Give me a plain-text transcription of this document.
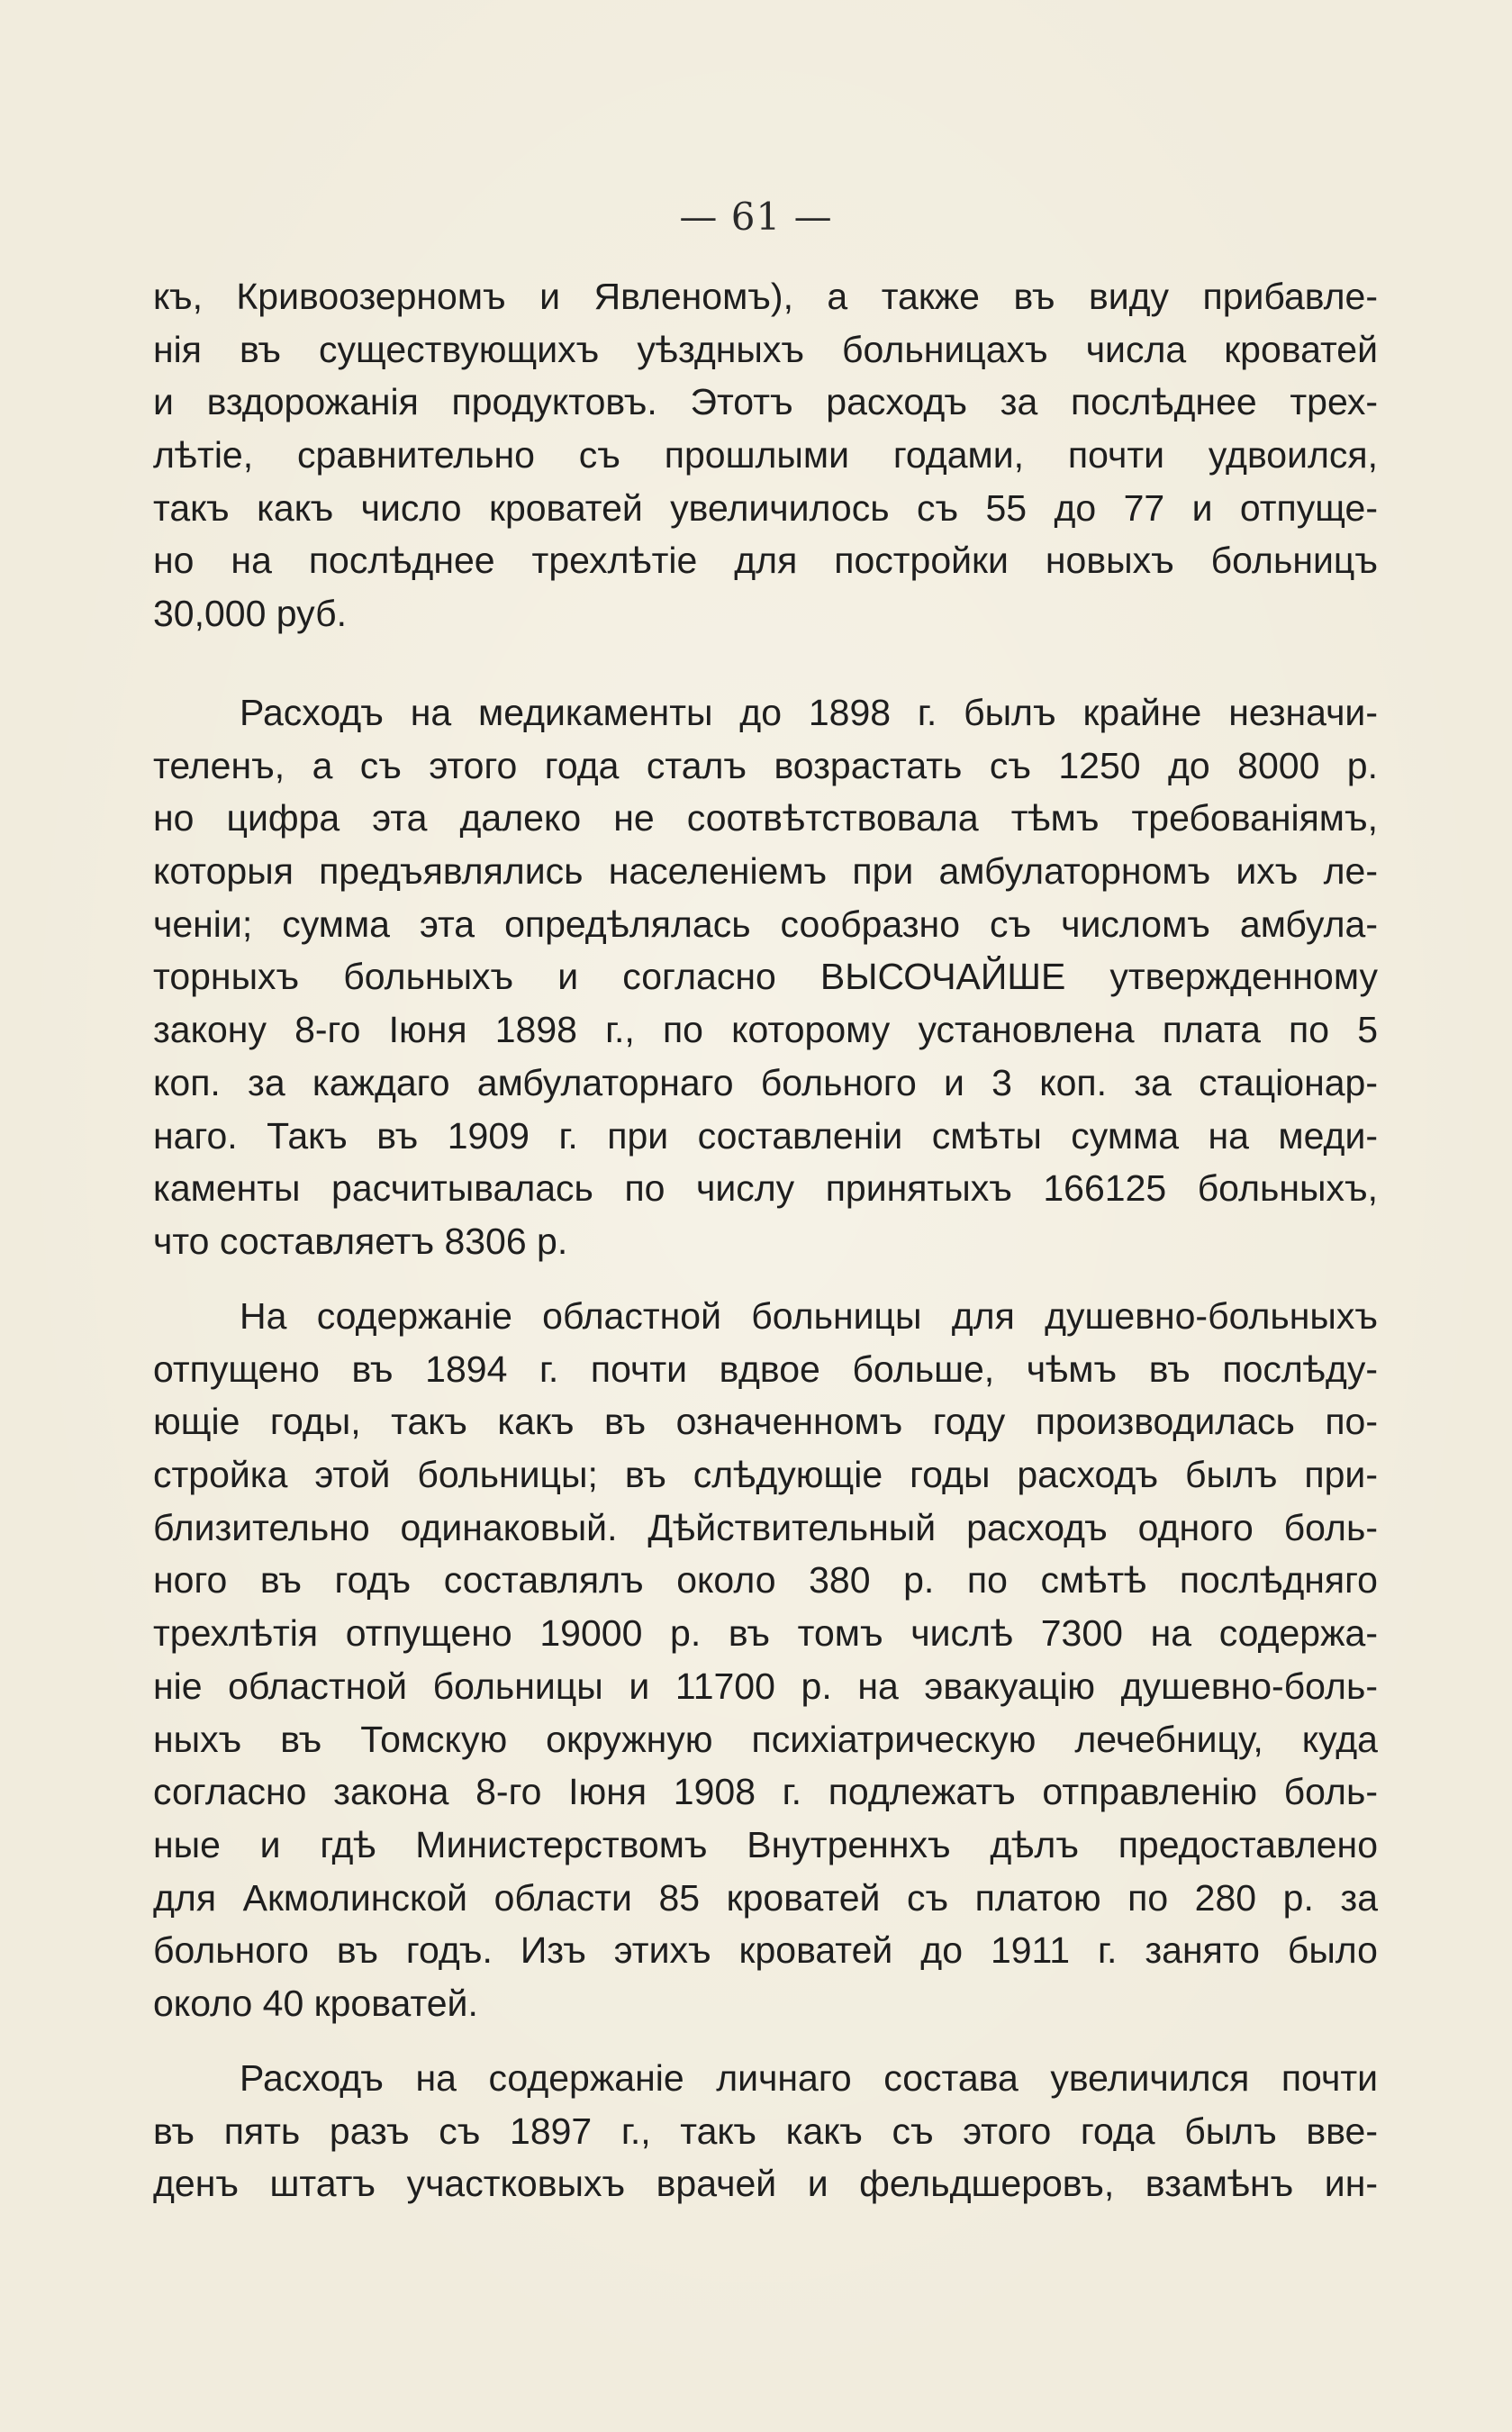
— 61 —
къ, Кривоозерномъ и Явленомъ), а также въ виду прибавле-
нія въ существующихъ уѣздныхъ больницахъ числа кроватей
и вздорожанія продуктовъ. Этотъ расходъ за послѣднее трех-
лѣтіе, сравнительно съ прошлыми годами, почти удвоился,
такъ какъ число кроватей увеличилось съ 55 до 77 и отпуще-
но на послѣднее трехлѣтіе для постройки новыхъ больницъ
30,000 руб.
Расходъ на медикаменты до 1898 г. былъ крайне незначи-
теленъ, а съ этого года сталъ возрастать съ 1250 до 8000 р.
но цифра эта далеко не соотвѣтствовала тѣмъ требованіямъ,
которыя предъявлялись населеніемъ при амбулаторномъ ихъ ле-
ченіи; сумма эта опредѣлялась сообразно съ числомъ амбула-
торныхъ больныхъ и согласно ВЫСОЧАЙШЕ утвержденному
закону 8-го Іюня 1898 г., по которому установлена плата по 5
коп. за каждаго амбулаторнаго больного и 3 коп. за стаціонар-
наго. Такъ въ 1909 г. при составленіи смѣты сумма на меди-
каменты расчитывалась по числу принятыхъ 166125 больныхъ,
что составляетъ 8306 р.
На содержаніе областной больницы для душевно-больныхъ
отпущено въ 1894 г. почти вдвое больше, чѣмъ въ послѣду-
ющіе годы, такъ какъ въ означенномъ году производилась по-
стройка этой больницы; въ слѣдующіе годы расходъ былъ при-
близительно одинаковый. Дѣйствительный расходъ одного боль-
ного въ годъ составлялъ около 380 р. по смѣтѣ послѣдняго
трехлѣтія отпущено 19000 р. въ томъ числѣ 7300 на содержа-
ніе областной больницы и 11700 р. на эвакуацію душевно-боль-
ныхъ въ Томскую окружную психіатрическую лечебницу, куда
согласно закона 8-го Іюня 1908 г. подлежатъ отправленію боль-
ные и гдѣ Министерствомъ Внутреннхъ дѣлъ предоставлено
для Акмолинской области 85 кроватей съ платою по 280 р. за
больного въ годъ. Изъ этихъ кроватей до 1911 г. занято было
около 40 кроватей.
Расходъ на содержаніе личнаго состава увеличился почти
въ пять разъ съ 1897 г., такъ какъ съ этого года былъ вве-
денъ штатъ участковыхъ врачей и фельдшеровъ, взамѣнъ ин-
